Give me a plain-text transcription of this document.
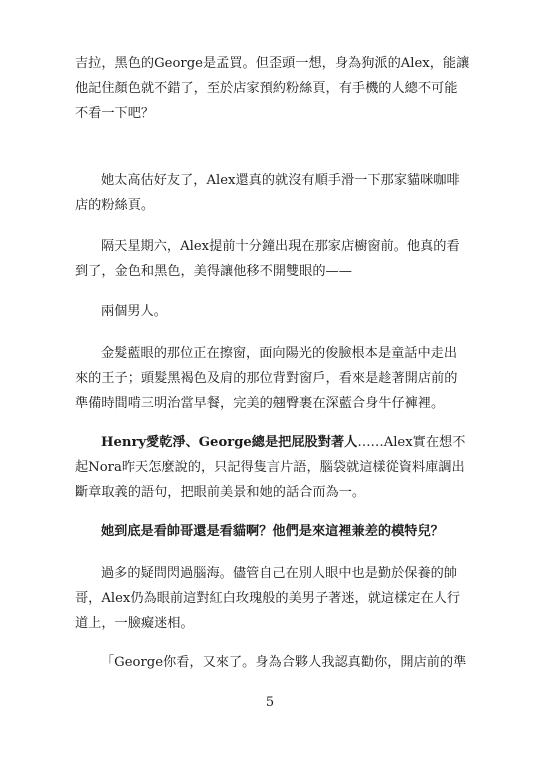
吉拉，黑色的George是孟買。但歪頭一想，身為狗派的Alex，能讓
他記住顏色就不錯了，至於店家預約粉絲頁，有手機的人總不可能
不看一下吧？

她太高估好友了，Alex還真的就沒有順手滑一下那家貓咪咖啡
店的粉絲頁。

隔天星期六，Alex提前十分鐘出現在那家店櫥窗前。他真的看
到了，金色和黑色，美得讓他移不開雙眼的——

兩個男人。

金髮藍眼的那位正在擦窗，面向陽光的俊臉根本是童話中走出
來的王子；頭髮黑褐色及肩的那位背對窗戶，看來是趁著開店前的
準備時間啃三明治當早餐，完美的翹臀裹在深藍合身牛仔褲裡。

Henry愛乾淨、George總是把屁股對著人……Alex實在想不
起Nora昨天怎麼說的，只記得隻言片語，腦袋就這樣從資料庫調出
斷章取義的語句，把眼前美景和她的話合而為一。

她到底是看帥哥還是看貓啊？他們是來這裡兼差的模特兒？

過多的疑問閃過腦海。儘管自己在別人眼中也是勤於保養的帥
哥，Alex仍為眼前這對紅白玫瑰般的美男子著迷，就這樣定在人行
道上，一臉癡迷相。

「George你看，又來了。身為合夥人我認真勸你，開店前的準

5
